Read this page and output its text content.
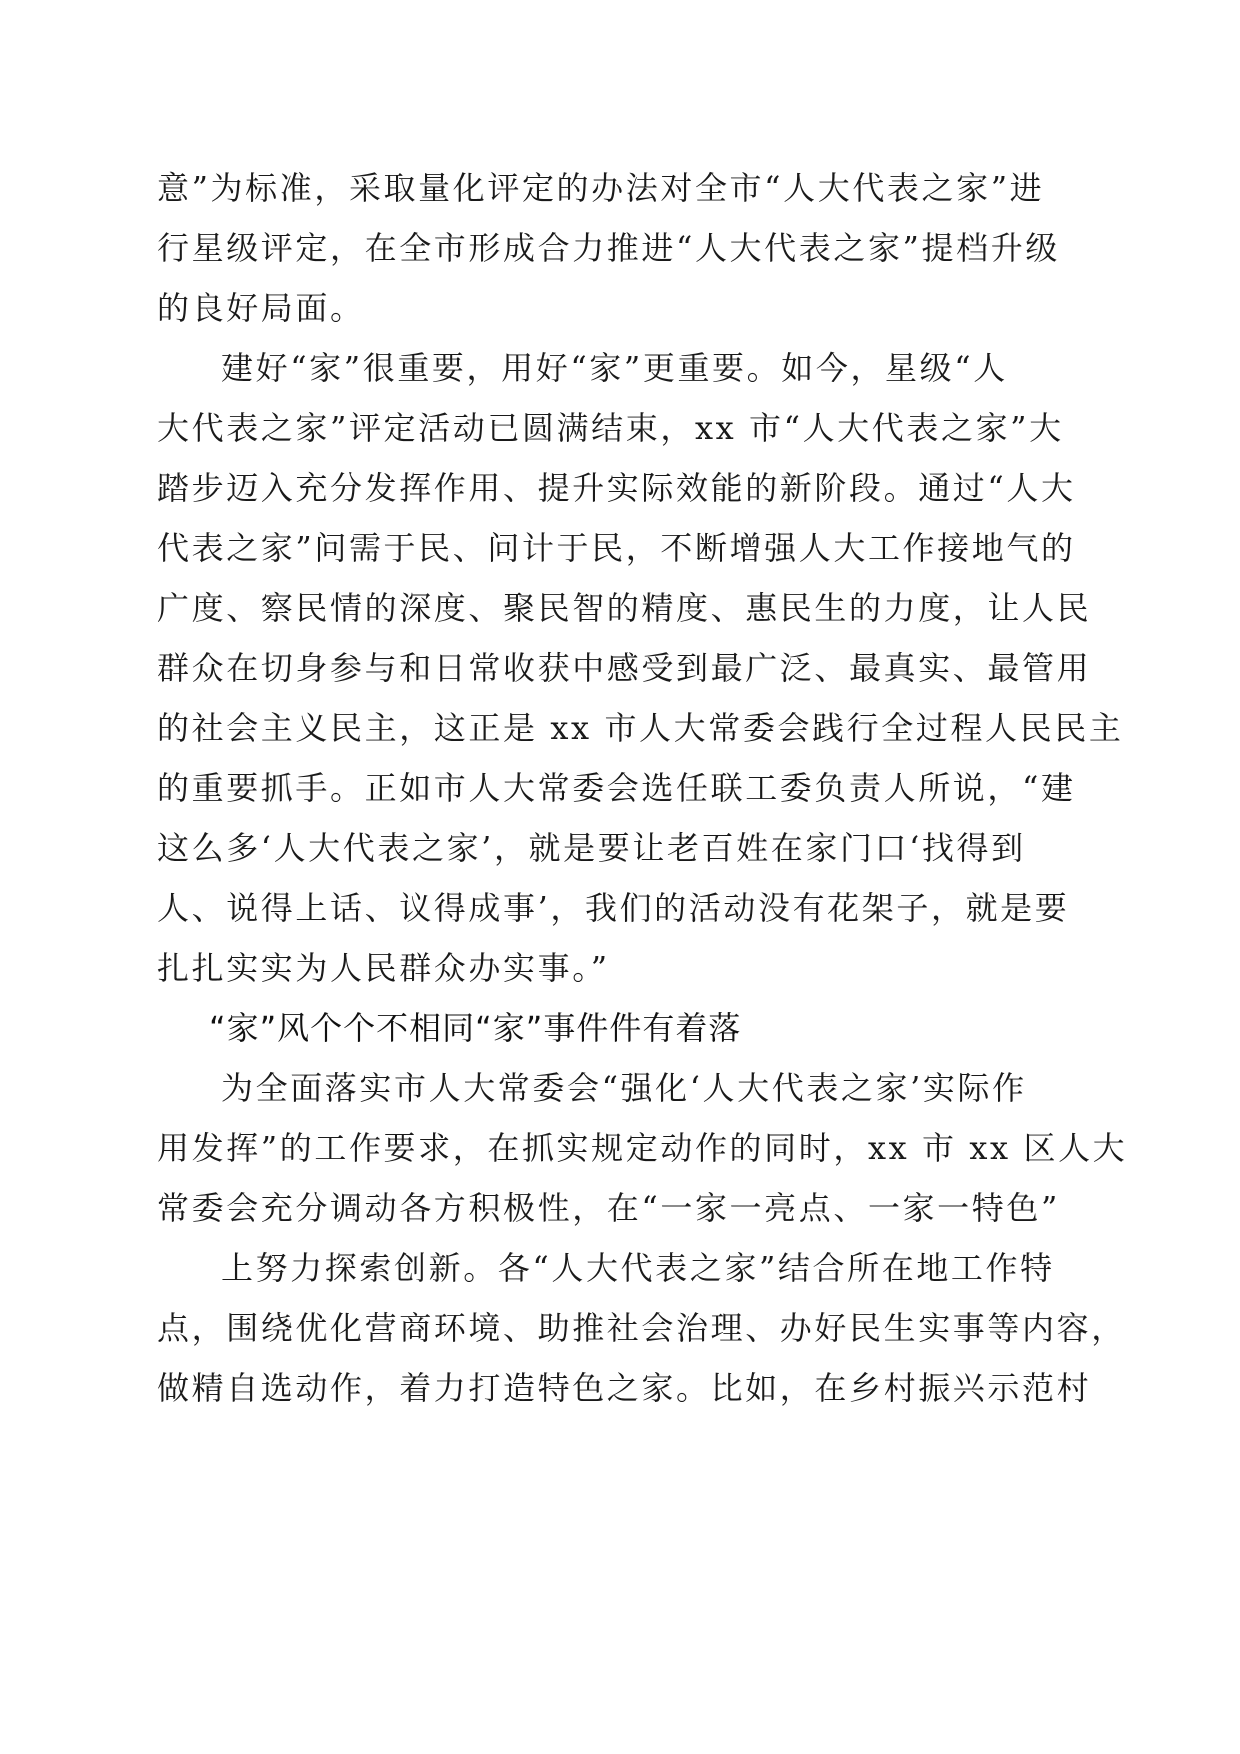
意”为标准，采取量化评定的办法对全市“人大代表之家”进
行星级评定，在全市形成合力推进“人大代表之家”提档升级
的良好局面。
建好“家”很重要，用好“家”更重要。如今，星级“人
大代表之家”评定活动已圆满结束，xx 市“人大代表之家”大
踏步迈入充分发挥作用、提升实际效能的新阶段。通过“人大
代表之家”问需于民、问计于民，不断增强人大工作接地气的
广度、察民情的深度、聚民智的精度、惠民生的力度，让人民
群众在切身参与和日常收获中感受到最广泛、最真实、最管用
的社会主义民主，这正是 xx 市人大常委会践行全过程人民民主
的重要抓手。正如市人大常委会选任联工委负责人所说，“建
这么多‘人大代表之家’，就是要让老百姓在家门口‘找得到
人、说得上话、议得成事’，我们的活动没有花架子，就是要
扎扎实实为人民群众办实事。”
“家”风个个不相同“家”事件件有着落
为全面落实市人大常委会“强化‘人大代表之家’实际作
用发挥”的工作要求，在抓实规定动作的同时，xx 市 xx 区人大
常委会充分调动各方积极性，在“一家一亮点、一家一特色”
上努力探索创新。各“人大代表之家”结合所在地工作特
点，围绕优化营商环境、助推社会治理、办好民生实事等内容，
做精自选动作，着力打造特色之家。比如，在乡村振兴示范村
